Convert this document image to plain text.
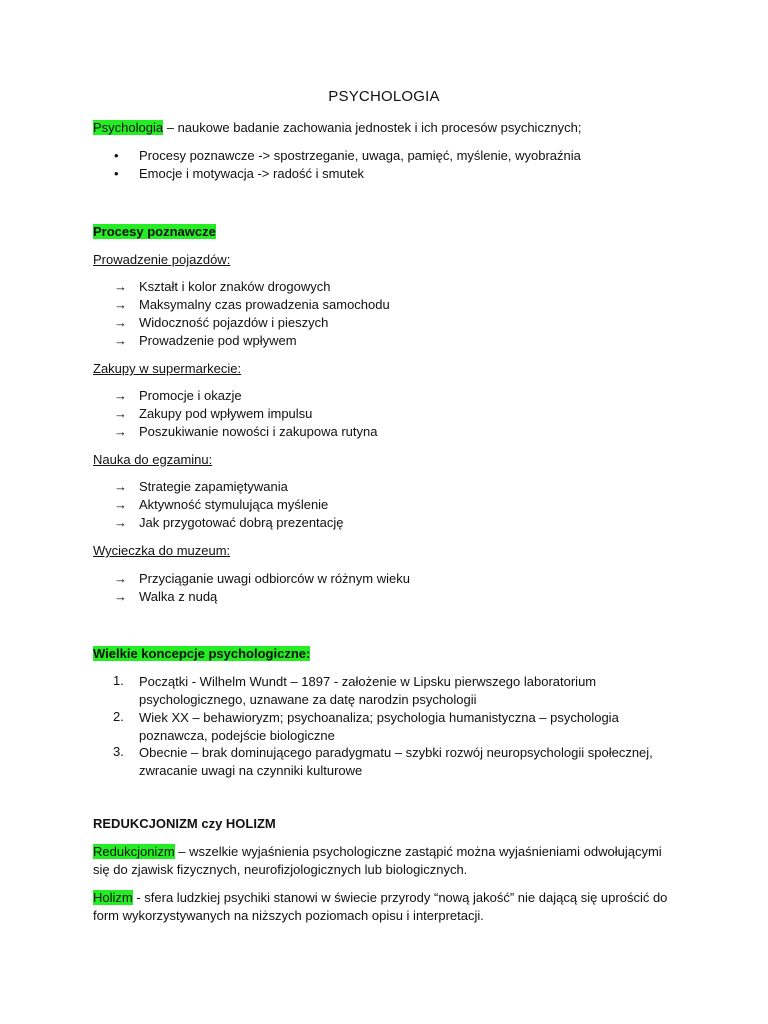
PSYCHOLOGIA
Psychologia – naukowe badanie zachowania jednostek i ich procesów psychicznych;
•	Procesy poznawcze -> spostrzeganie, uwaga, pamięć, myślenie, wyobraźnia
•	Emocje i motywacja -> radość i smutek
Procesy poznawcze
Prowadzenie pojazdów:
→ Kształt i kolor znaków drogowych
→ Maksymalny czas prowadzenia samochodu
→ Widoczność pojazdów i pieszych
→ Prowadzenie pod wpływem
Zakupy w supermarkecie:
→ Promocje i okazje
→ Zakupy pod wpływem impulsu
→ Poszukiwanie nowości i zakupowa rutyna
Nauka do egzaminu:
→ Strategie zapamiętywania
→ Aktywność stymulująca myślenie
→ Jak przygotować dobrą prezentację
Wycieczka do muzeum:
→ Przyciąganie uwagi odbiorców w różnym wieku
→ Walka z nudą
Wielkie koncepcje psychologiczne:
1.	Początki - Wilhelm Wundt – 1897 - założenie w Lipsku pierwszego laboratorium psychologicznego, uznawane za datę narodzin psychologii
2.	Wiek XX – behawioryzm; psychoanaliza; psychologia humanistyczna – psychologia poznawcza, podejście biologiczne
3.	Obecnie – brak dominującego paradygmatu – szybki rozwój neuropsychologii społecznej, zwracanie uwagi na czynniki kulturowe
REDUKCJONIZM czy HOLIZM
Redukcjonizm – wszelkie wyjaśnienia psychologiczne zastąpić można wyjaśnieniami odwołującymi się do zjawisk fizycznych, neurofizjologicznych lub biologicznych.
Holizm - sfera ludzkiej psychiki stanowi w świecie przyrody “nową jakość” nie dającą się uprościć do form wykorzystywanych na niższych poziomach opisu i interpretacji.
